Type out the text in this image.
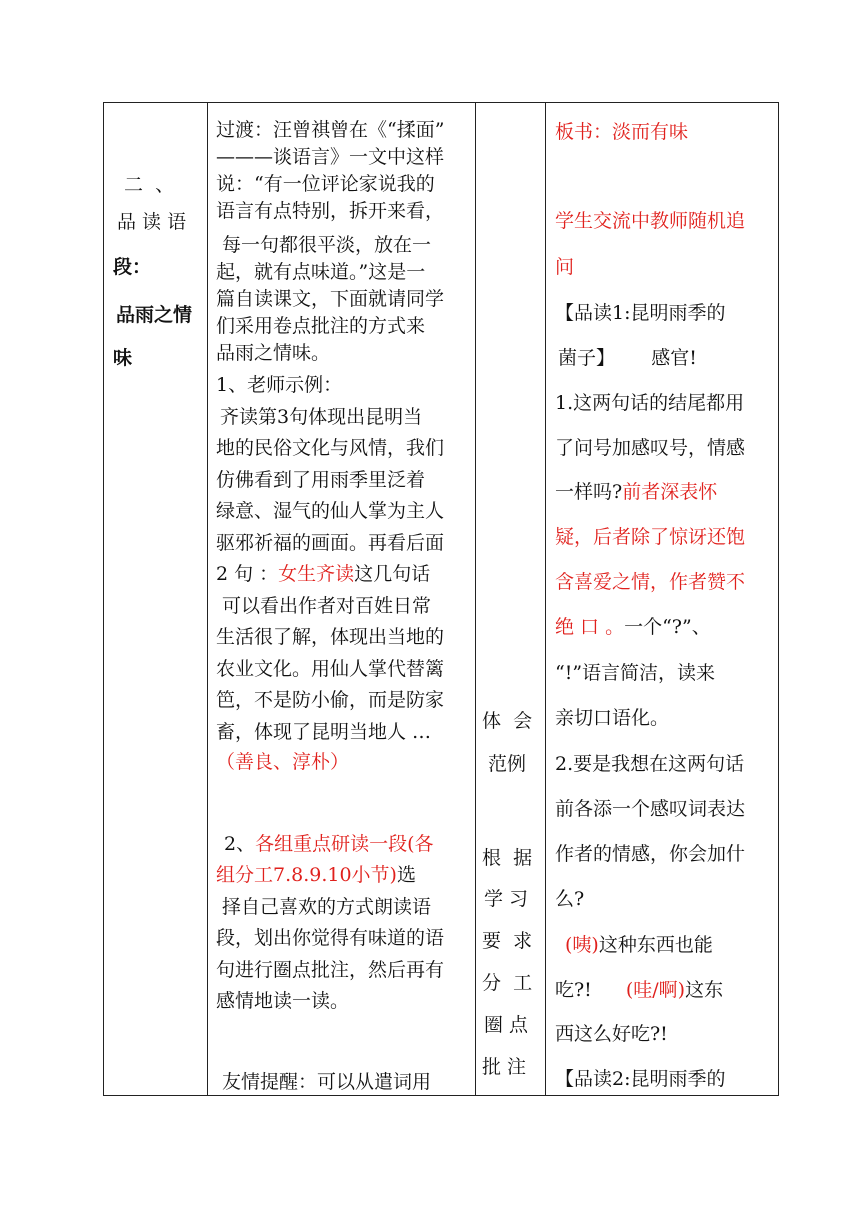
二  、
品 读 语
段：
品雨之情
味
过渡：汪曾祺曾在《“揉面”
———谈语言》一文中这样
说：“有一位评论家说我的
语言有点特别，拆开来看，
每一句都很平淡，放在一
起，就有点味道。”这是一
篇自读课文，下面就请同学
们采用卷点批注的方式来
品雨之情味。
1、老师示例：
齐读第3句体现出昆明当
地的民俗文化与风情，我们
仿佛看到了用雨季里泛着
绿意、湿气的仙人掌为主人
驱邪祈福的画面。再看后面
2 句 ：女生齐读这几句话
可以看出作者对百姓日常
生活很了解，体现出当地的
农业文化。用仙人掌代替篱
笆，不是防小偷，而是防家
畜，体现了昆明当地人 …
（善良、淳朴）
2、各组重点研读一段(各
组分工7.8.9.10小节)选
择自己喜欢的方式朗读语
段，划出你觉得有味道的语
句进行圈点批注，然后再有
感情地读一读。
友情提醒：可以从遣词用
体  会
范例
根  据
学 习
要  求
分  工
圈 点
批 注
板书：淡而有味
学生交流中教师随机追
问
【品读1:昆明雨季的
菌子】      感官!
1.这两句话的结尾都用
了问号加感叹号，情感
一样吗?前者深表怀
疑，后者除了惊讶还饱
含喜爱之情，作者赞不
绝 口 。一个“?”、
“!”语言简洁，读来
亲切口语化。
2.要是我想在这两句话
前各添一个感叹词表达
作者的情感，你会加什
么?
(咦)这种东西也能
吃?! (哇/啊)这东
西这么好吃?!
【品读2:昆明雨季的
